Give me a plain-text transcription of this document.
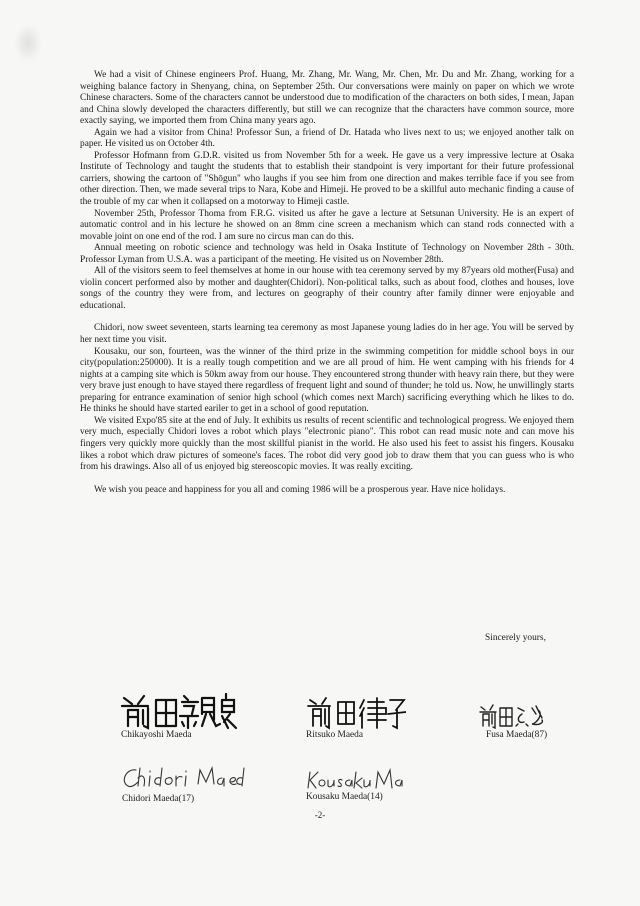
We had a visit of Chinese engineers Prof. Huang, Mr. Zhang, Mr. Wang, Mr. Chen, Mr. Du and Mr. Zhang, working for a weighing balance factory in Shenyang, china, on September 25th. Our conversations were mainly on paper on which we wrote Chinese characters. Some of the characters cannot be understood due to modification of the characters on both sides, I mean, Japan and China slowly developed the characters differently, but still we can recognize that the characters have common source, more exactly saying, we imported them from China many years ago.

Again we had a visitor from China! Professor Sun, a friend of Dr. Hatada who lives next to us; we enjoyed another talk on paper. He visited us on October 4th.

Professor Hofmann from G.D.R. visited us from November 5th for a week. He gave us a very impressive lecture at Osaka Institute of Technology and taught the students that to establish their standpoint is very important for their future professional carriers, showing the cartoon of "Shōgun" who laughs if you see him from one direction and makes terrible face if you see from other direction. Then, we made several trips to Nara, Kobe and Himeji. He proved to be a skillful auto mechanic finding a cause of the trouble of my car when it collapsed on a motorway to Himeji castle.

November 25th, Professor Thoma from F.R.G. visited us after he gave a lecture at Setsunan University. He is an expert of automatic control and in his lecture he showed on an 8mm cine screen a mechanism which can stand rods connected with a movable joint on one end of the rod. I am sure no circus man can do this.

Annual meeting on robotic science and technology was held in Osaka Institute of Technology on November 28th - 30th. Professor Lyman from U.S.A. was a participant of the meeting. He visited us on November 28th.

All of the visitors seem to feel themselves at home in our house with tea ceremony served by my 87years old mother(Fusa) and violin concert performed also by mother and daughter(Chidori). Non-political talks, such as about food, clothes and houses, love songs of the country they were from, and lectures on geography of their country after family dinner were enjoyable and educational.

Chidori, now sweet seventeen, starts learning tea ceremony as most Japanese young ladies do in her age. You will be served by her next time you visit.

Kousaku, our son, fourteen, was the winner of the third prize in the swimming competition for middle school boys in our city(population:250000). It is a really tough competition and we are all proud of him. He went camping with his friends for 4 nights at a camping site which is 50km away from our house. They encountered strong thunder with heavy rain there, but they were very brave just enough to have stayed there regardless of frequent light and sound of thunder; he told us. Now, he unwillingly starts preparing for entrance examination of senior high school (which comes next March) sacrificing everything which he likes to do. He thinks he should have started eariler to get in a school of good reputation.

We visited Expo'85 site at the end of July. It exhibits us results of recent scientific and technological progress. We enjoyed them very much, especially Chidori loves a robot which plays "electronic piano". This robot can read music note and can move his fingers very quickly more quickly than the most skillful pianist in the world. He also used his feet to assist his fingers. Kousaku likes a robot which draw pictures of someone's faces. The robot did very good job to draw them that you can guess who is who from his drawings. Also all of us enjoyed big stereoscopic movies. It was really exciting.

We wish you peace and happiness for you all and coming 1986 will be a prosperous year. Have nice holidays.

Sincerely yours,
Chikayoshi Maeda	Ritsuko Maeda	Fusa Maeda(87)
Chidori Maeda(17)	Kousaku Maeda(14)
-2-
